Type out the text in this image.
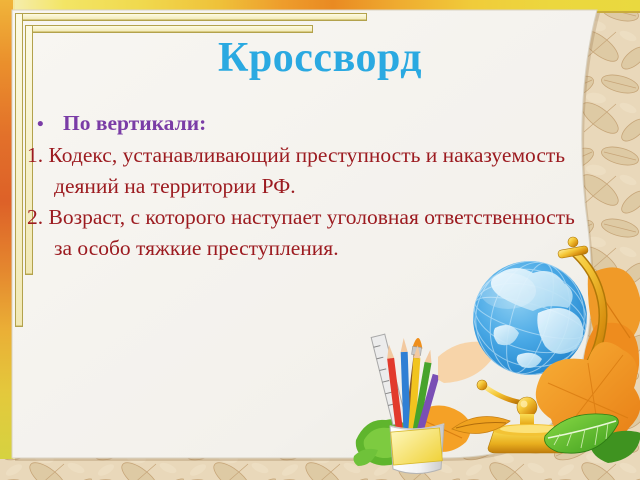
Кроссворд
• По вертикали:
1. Кодекс, устанавливающий преступность и наказуемость
деяний на территории РФ.
2. Возраст, с которого наступает уголовная ответственность
за особо тяжкие преступления.
